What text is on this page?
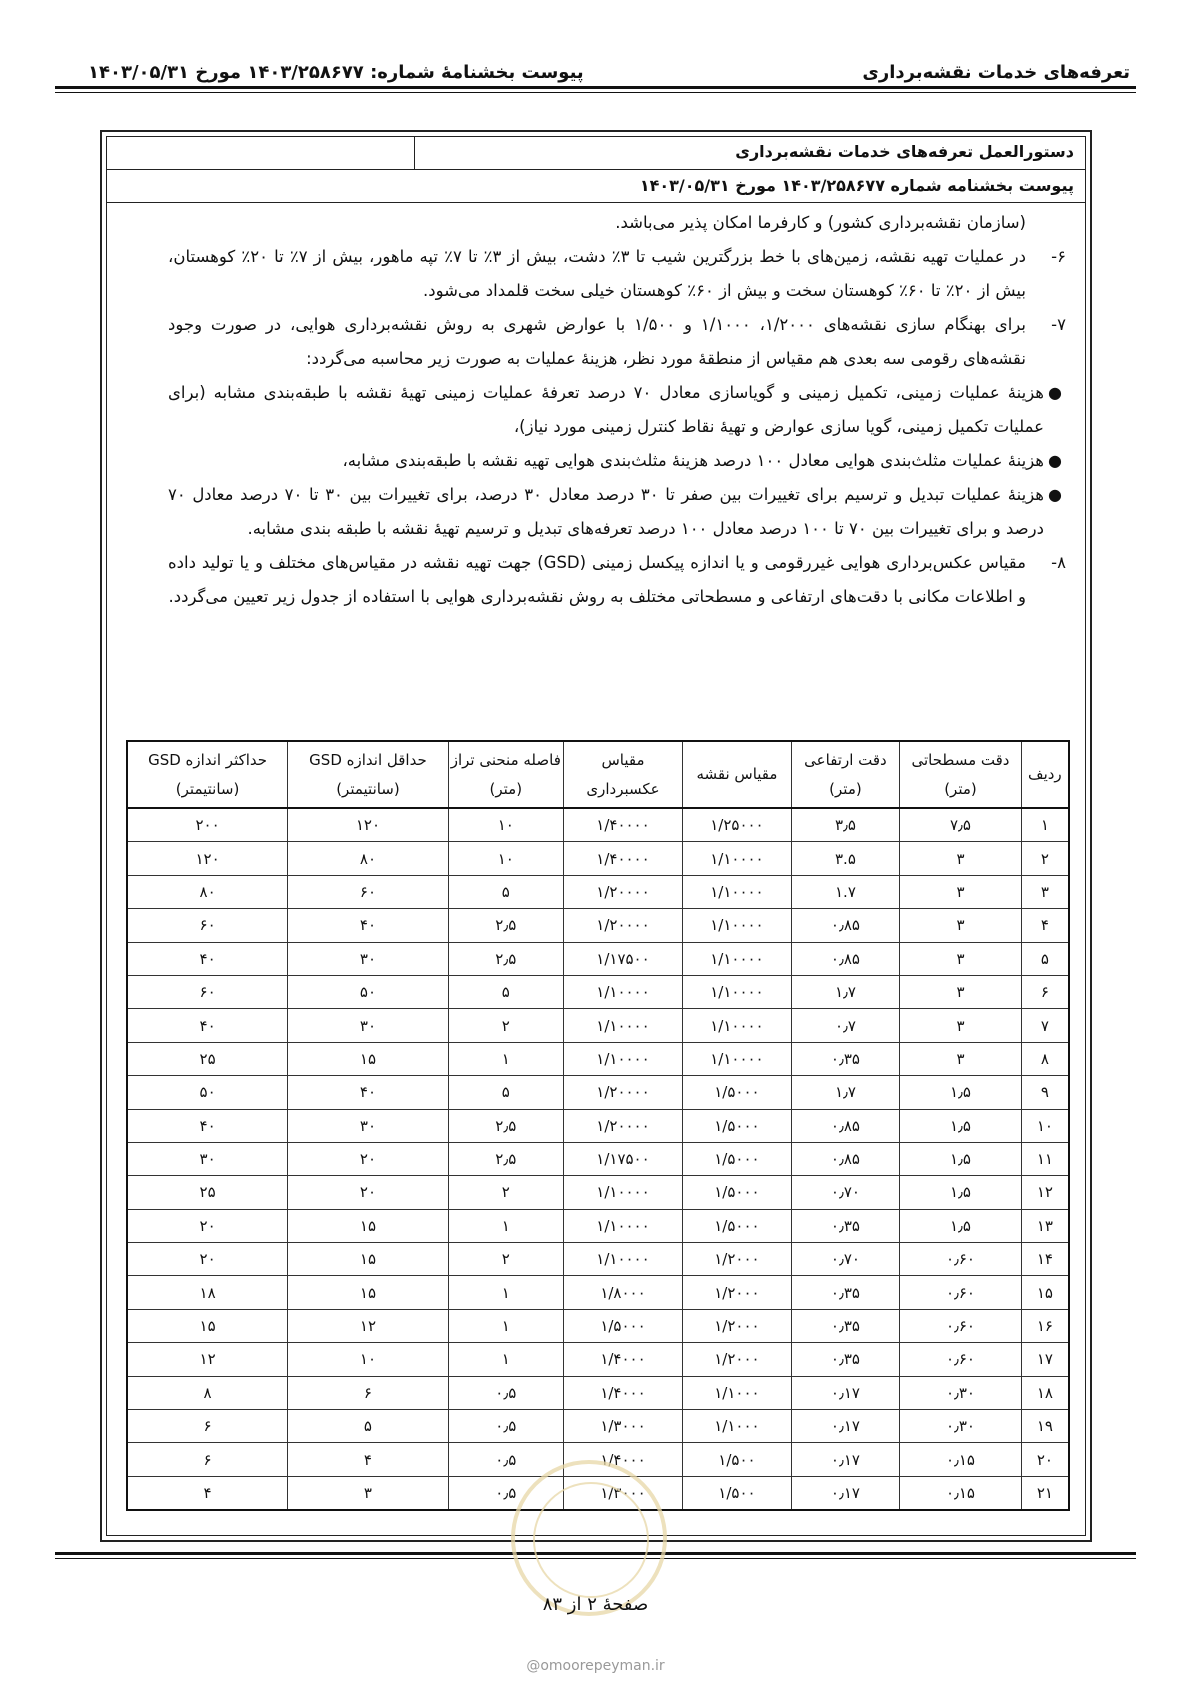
تعرفه‌های خدمات نقشه‌برداری
پیوست بخشنامهٔ شماره: ۱۴۰۳/۲۵۸۶۷۷ مورخ ۱۴۰۳/۰۵/۳۱
دستورالعمل تعرفه‌های خدمات نقشه‌برداری
پیوست بخشنامه شماره ۱۴۰۳/۲۵۸۶۷۷ مورخ ۱۴۰۳/۰۵/۳۱

(سازمان نقشه‌برداری کشور) و کارفرما امکان پذیر می‌باشد.

۶-
در عملیات تهیه نقشه، زمین‌های با خط بزرگترین شیب تا ۳٪ دشت، بیش از ۳٪ تا ۷٪ تپه ماهور، بیش از ۷٪ تا ۲۰٪ کوهستان، بیش از ۲۰٪ تا ۶۰٪ کوهستان سخت و بیش از ۶۰٪ کوهستان خیلی سخت قلمداد می‌شود.

۷-
برای بهنگام سازی نقشه‌های ۱/۲۰۰۰، ۱/۱۰۰۰ و ۱/۵۰۰ با عوارض شهری به روش نقشه‌برداری هوایی، در صورت وجود نقشه‌های رقومی سه بعدی هم مقیاس از منطقهٔ مورد نظر، هزینهٔ عملیات به صورت زیر محاسبه می‌گردد:

●
هزینهٔ عملیات زمینی، تکمیل زمینی و گویاسازی معادل ۷۰ درصد تعرفهٔ عملیات زمینی تهیهٔ نقشه با طبقه‌بندی مشابه (برای عملیات تکمیل زمینی، گویا سازی عوارض و تهیهٔ نقاط کنترل زمینی مورد نیاز)،

●
هزینهٔ عملیات مثلث‌بندی هوایی معادل ۱۰۰ درصد هزینهٔ مثلث‌بندی هوایی تهیه نقشه با طبقه‌بندی مشابه،

●
هزینهٔ عملیات تبدیل و ترسیم برای تغییرات بین صفر تا ۳۰ درصد معادل ۳۰ درصد، برای تغییرات بین ۳۰ تا ۷۰ درصد معادل ۷۰ درصد و برای تغییرات بین ۷۰ تا ۱۰۰ درصد معادل ۱۰۰ درصد تعرفه‌های تبدیل و ترسیم تهیهٔ نقشه با طبقه بندی مشابه.

۸-
مقیاس عکس‌برداری هوایی غیررقومی و یا اندازه پیکسل زمینی (GSD) جهت تهیه نقشه در مقیاس‌های مختلف و یا تولید داده و اطلاعات مکانی با دقت‌های ارتفاعی و مسطحاتی مختلف به روش نقشه‌برداری هوایی با استفاده از جدول زیر تعیین می‌گردد.

ردیف	دقت مسطحاتی (متر)	دقت ارتفاعی (متر)	مقیاس نقشه	مقیاس عکسبرداری	فاصله منحنی تراز (متر)	حداقل اندازه GSD (سانتیمتر)	حداکثر اندازه GSD (سانتیمتر)
۱	۷٫۵	۳٫۵	۱/۲۵۰۰۰	۱/۴۰۰۰۰	۱۰	۱۲۰	۲۰۰
۲	۳	۳.۵	۱/۱۰۰۰۰	۱/۴۰۰۰۰	۱۰	۸۰	۱۲۰
۳	۳	۱.۷	۱/۱۰۰۰۰	۱/۲۰۰۰۰	۵	۶۰	۸۰
۴	۳	۰٫۸۵	۱/۱۰۰۰۰	۱/۲۰۰۰۰	۲٫۵	۴۰	۶۰
۵	۳	۰٫۸۵	۱/۱۰۰۰۰	۱/۱۷۵۰۰	۲٫۵	۳۰	۴۰
۶	۳	۱٫۷	۱/۱۰۰۰۰	۱/۱۰۰۰۰	۵	۵۰	۶۰
۷	۳	۰٫۷	۱/۱۰۰۰۰	۱/۱۰۰۰۰	۲	۳۰	۴۰
۸	۳	۰٫۳۵	۱/۱۰۰۰۰	۱/۱۰۰۰۰	۱	۱۵	۲۵
۹	۱٫۵	۱٫۷	۱/۵۰۰۰	۱/۲۰۰۰۰	۵	۴۰	۵۰
۱۰	۱٫۵	۰٫۸۵	۱/۵۰۰۰	۱/۲۰۰۰۰	۲٫۵	۳۰	۴۰
۱۱	۱٫۵	۰٫۸۵	۱/۵۰۰۰	۱/۱۷۵۰۰	۲٫۵	۲۰	۳۰
۱۲	۱٫۵	۰٫۷۰	۱/۵۰۰۰	۱/۱۰۰۰۰	۲	۲۰	۲۵
۱۳	۱٫۵	۰٫۳۵	۱/۵۰۰۰	۱/۱۰۰۰۰	۱	۱۵	۲۰
۱۴	۰٫۶۰	۰٫۷۰	۱/۲۰۰۰	۱/۱۰۰۰۰	۲	۱۵	۲۰
۱۵	۰٫۶۰	۰٫۳۵	۱/۲۰۰۰	۱/۸۰۰۰	۱	۱۵	۱۸
۱۶	۰٫۶۰	۰٫۳۵	۱/۲۰۰۰	۱/۵۰۰۰	۱	۱۲	۱۵
۱۷	۰٫۶۰	۰٫۳۵	۱/۲۰۰۰	۱/۴۰۰۰	۱	۱۰	۱۲
۱۸	۰٫۳۰	۰٫۱۷	۱/۱۰۰۰	۱/۴۰۰۰	۰٫۵	۶	۸
۱۹	۰٫۳۰	۰٫۱۷	۱/۱۰۰۰	۱/۳۰۰۰	۰٫۵	۵	۶
۲۰	۰٫۱۵	۰٫۱۷	۱/۵۰۰	۱/۴۰۰۰	۰٫۵	۴	۶
۲۱	۰٫۱۵	۰٫۱۷	۱/۵۰۰	۱/۳۰۰۰	۰٫۵	۳	۴
صفحهٔ ۲ از ۸۳
@omoorepeyman.ir
